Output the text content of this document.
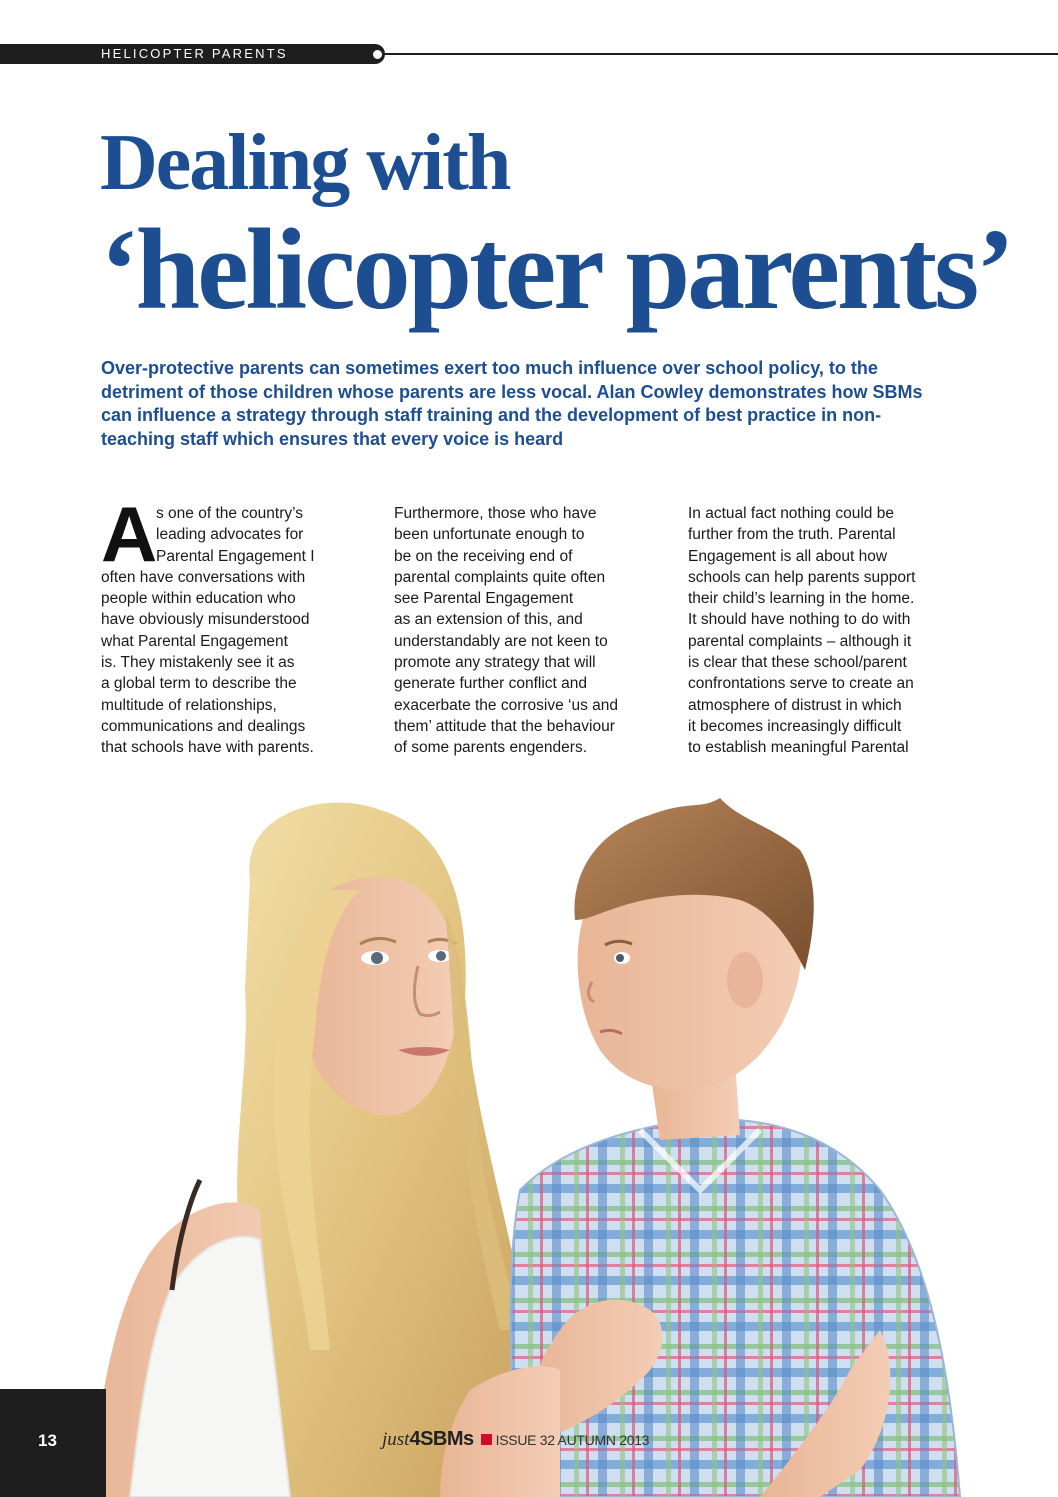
HELICOPTER PARENTS
Dealing with
‘helicopter parents’

Over-protective parents can sometimes exert too much influence over school policy, to the detriment of those children whose parents are less vocal. Alan Cowley demonstrates how SBMs can influence a strategy through staff training and the development of best practice in non-teaching staff which ensures that every voice is heard

A

s one of the country’s

leading advocates for

Parental Engagement I

often have conversations with

people within education who

have obviously misunderstood

what Parental Engagement

is. They mistakenly see it as

a global term to describe the

multitude of relationships,

communications and dealings

that schools have with parents.

Furthermore, those who have

been unfortunate enough to

be on the receiving end of

parental complaints quite often

see Parental Engagement

as an extension of this, and

understandably are not keen to

promote any strategy that will

generate further conflict and

exacerbate the corrosive ‘us and

them’ attitude that the behaviour

of some parents engenders.

In actual fact nothing could be

further from the truth. Parental

Engagement is all about how

schools can help parents support

their child’s learning in the home.

It should have nothing to do with

parental complaints – although it

is clear that these school/parent

confrontations serve to create an

atmosphere of distrust in which

it becomes increasingly difficult

to establish meaningful Parental

13	just 4SBMs ISSUE 32 AUTUMN 2013
